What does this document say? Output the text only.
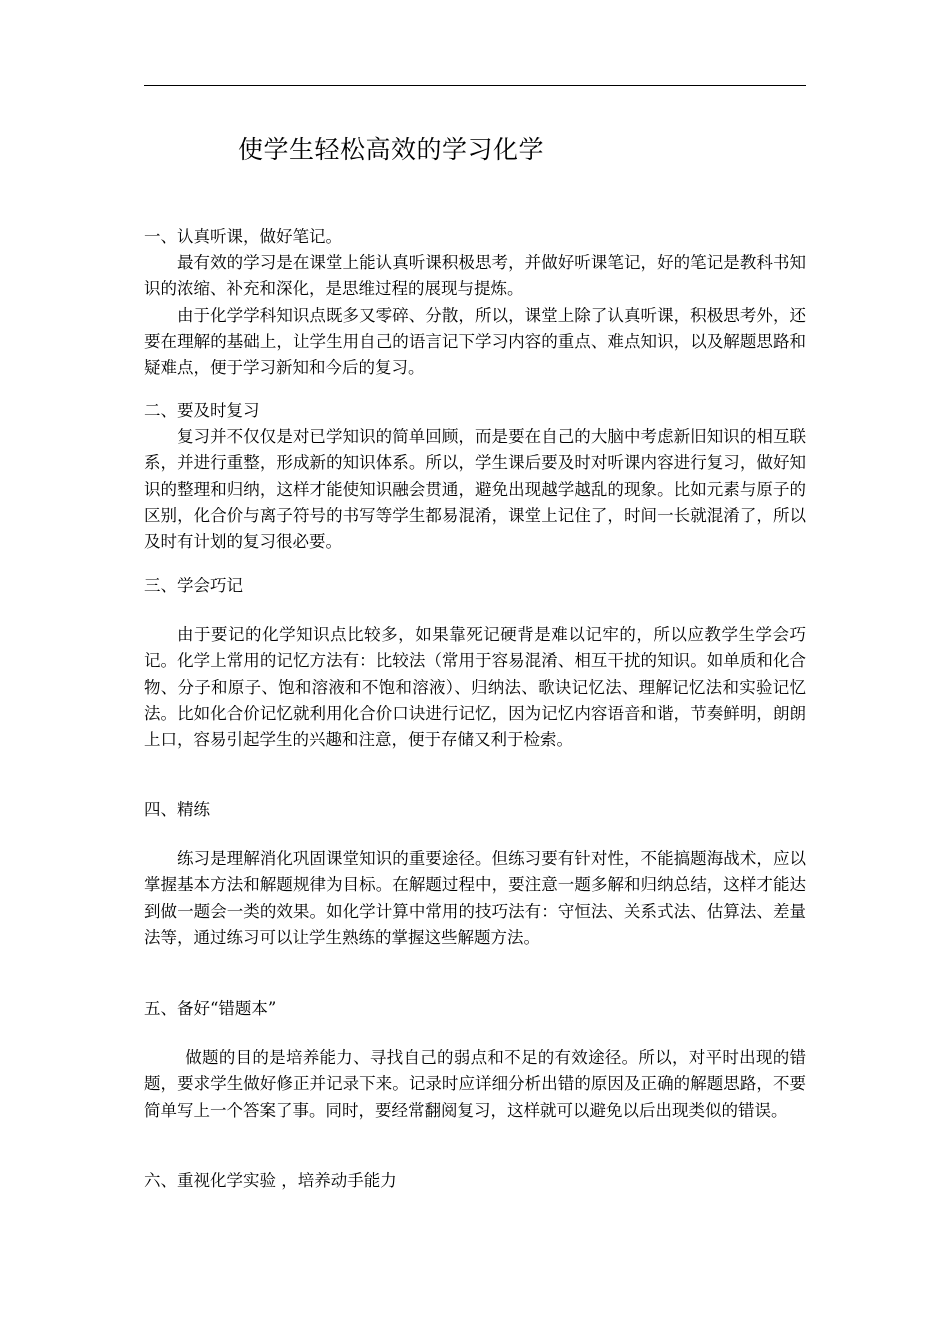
使学生轻松高效的学习化学
一、认真听课，做好笔记。

最有效的学习是在课堂上能认真听课积极思考，并做好听课笔记，好的笔记是教科书知识的浓缩、补充和深化，是思维过程的展现与提炼。

由于化学学科知识点既多又零碎、分散，所以，课堂上除了认真听课，积极思考外，还要在理解的基础上，让学生用自己的语言记下学习内容的重点、难点知识，以及解题思路和疑难点，便于学习新知和今后的复习。

二、要及时复习

复习并不仅仅是对已学知识的简单回顾，而是要在自己的大脑中考虑新旧知识的相互联系，并进行重整，形成新的知识体系。所以，学生课后要及时对听课内容进行复习，做好知识的整理和归纳，这样才能使知识融会贯通，避免出现越学越乱的现象。比如元素与原子的区别，化合价与离子符号的书写等学生都易混淆，课堂上记住了，时间一长就混淆了，所以及时有计划的复习很必要。

三、学会巧记

由于要记的化学知识点比较多，如果靠死记硬背是难以记牢的，所以应教学生学会巧记。化学上常用的记忆方法有：比较法（常用于容易混淆、相互干扰的知识。如单质和化合物、分子和原子、饱和溶液和不饱和溶液）、归纳法、歌诀记忆法、理解记忆法和实验记忆法。比如化合价记忆就利用化合价口诀进行记忆，因为记忆内容语音和谐，节奏鲜明，朗朗上口，容易引起学生的兴趣和注意，便于存储又利于检索。

四、精练

练习是理解消化巩固课堂知识的重要途径。但练习要有针对性，不能搞题海战术，应以掌握基本方法和解题规律为目标。在解题过程中，要注意一题多解和归纳总结，这样才能达到做一题会一类的效果。如化学计算中常用的技巧法有：守恒法、关系式法、估算法、差量法等，通过练习可以让学生熟练的掌握这些解题方法。

五、备好“错题本”

做题的目的是培养能力、寻找自己的弱点和不足的有效途径。所以，对平时出现的错题，要求学生做好修正并记录下来。记录时应详细分析出错的原因及正确的解题思路，不要简单写上一个答案了事。同时，要经常翻阅复习，这样就可以避免以后出现类似的错误。

六、重视化学实验 ，培养动手能力
